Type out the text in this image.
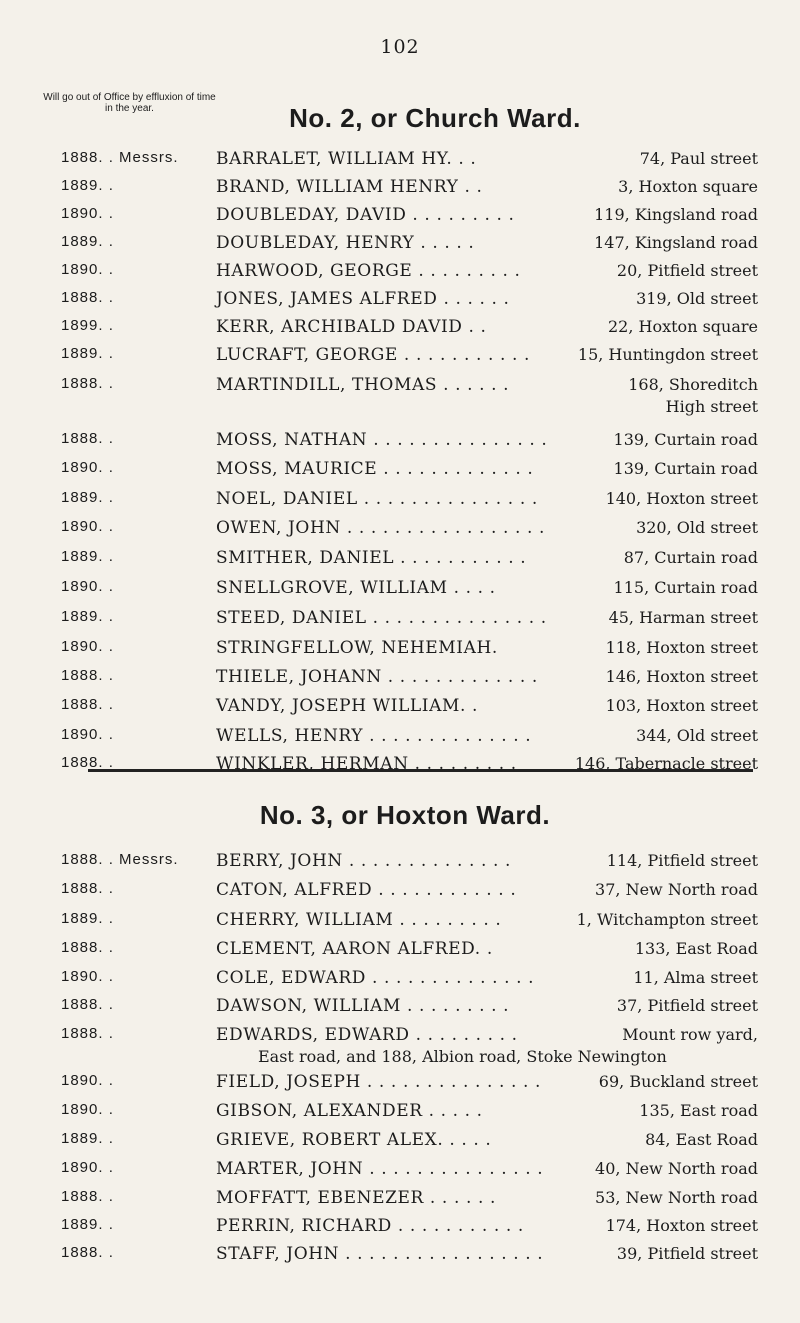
102
Will go out of Office by effluxion of time in the year.	No. 2, or Church Ward.
1888. . Messrs. BARRALET, WILLIAM HY. . .	74, Paul street
1889. .	BRAND, WILLIAM HENRY . .	3, Hoxton square
1890. .	DOUBLEDAY, DAVID . . . . . . . . .	119, Kingsland road
1889. .	DOUBLEDAY, HENRY . . . . .	147, Kingsland road
1890. .	HARWOOD, GEORGE . . . . . . . . .	20, Pitfield street
1888. .	JONES, JAMES ALFRED . . . . . .	319, Old street
1899. .	KERR, ARCHIBALD DAVID . .	22, Hoxton square
1889. .	LUCRAFT, GEORGE . . . . . . . . . . .	15, Huntingdon street
1888. .	MARTINDILL, THOMAS . . . . . .	168, Shoreditch
High street
1888. .	MOSS, NATHAN . . . . . . . . . . . . . . .	139, Curtain road
1890. .	MOSS, MAURICE . . . . . . . . . . . . .	139, Curtain road
1889. .	NOEL, DANIEL . . . . . . . . . . . . . . .	140, Hoxton street
1890. .	OWEN, JOHN . . . . . . . . . . . . . . . . .	320, Old street
1889. .	SMITHER, DANIEL . . . . . . . . . . .	87, Curtain road
1890. .	SNELLGROVE, WILLIAM . . . .	115, Curtain road
1889. .	STEED, DANIEL . . . . . . . . . . . . . . .	45, Harman street
1890. .	STRINGFELLOW, NEHEMIAH.	118, Hoxton street
1888. .	THIELE, JOHANN . . . . . . . . . . . . .	146, Hoxton street
1888. .	VANDY, JOSEPH WILLIAM. .	103, Hoxton street
1890. .	WELLS, HENRY . . . . . . . . . . . . . .	344, Old street
1888. .	WINKLER, HERMAN . . . . . . . . .	146, Tabernacle street
No. 3, or Hoxton Ward.
1888. . Messrs. BERRY, JOHN . . . . . . . . . . . . . .	114, Pitfield street
1888. .	CATON, ALFRED . . . . . . . . . . . .	37, New North road
1889. .	CHERRY, WILLIAM . . . . . . . . .	1, Witchampton street
1888. .	CLEMENT, AARON ALFRED. .	133, East Road
1890. .	COLE, EDWARD . . . . . . . . . . . . . .	11, Alma street
1888. .	DAWSON, WILLIAM . . . . . . . . .	37, Pitfield street
1888. .	EDWARDS, EDWARD . . . . . . . . .	Mount row yard,
East road, and 188, Albion road, Stoke Newington
1890. .	FIELD, JOSEPH . . . . . . . . . . . . . . .	69, Buckland street
1890. .	GIBSON, ALEXANDER . . . . .	135, East road
1889. .	GRIEVE, ROBERT ALEX. . . . .	84, East Road
1890. .	MARTER, JOHN . . . . . . . . . . . . . . .	40, New North road
1888. .	MOFFATT, EBENEZER . . . . . .	53, New North road
1889. .	PERRIN, RICHARD . . . . . . . . . . .	174, Hoxton street
1888. .	STAFF, JOHN . . . . . . . . . . . . . . . . .	39, Pitfield street
